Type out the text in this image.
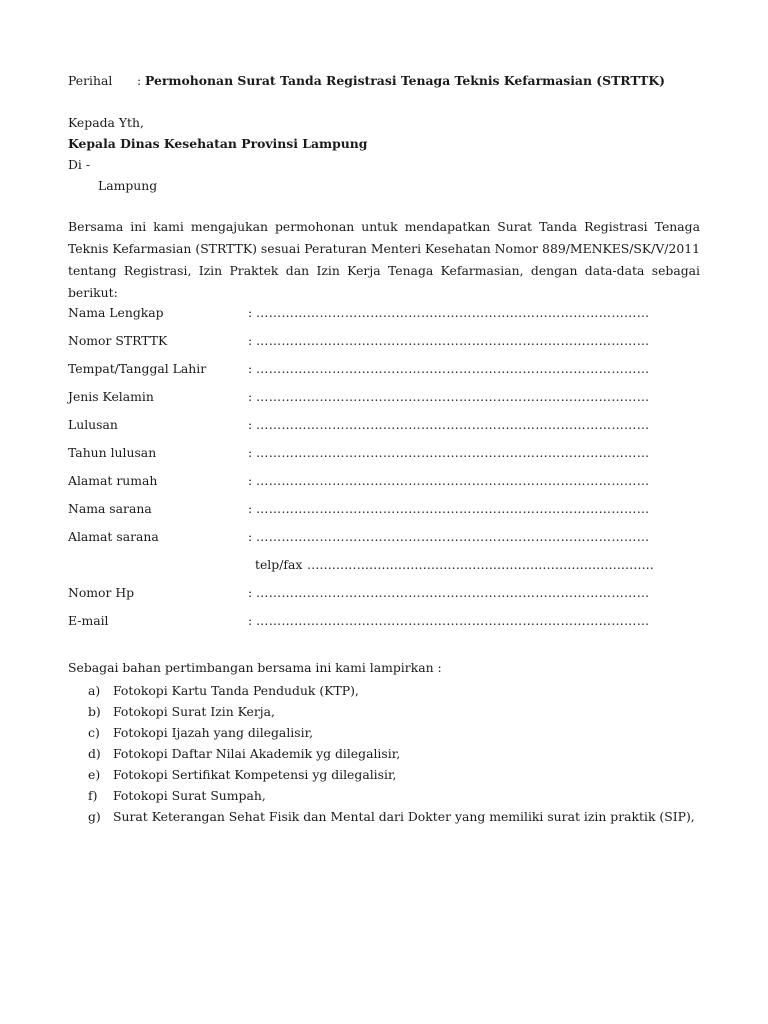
Perihal : Permohonan Surat Tanda Registrasi Tenaga Teknis Kefarmasian (STRTTK)
Kepada Yth,
Kepala Dinas Kesehatan Provinsi Lampung
Di -
Lampung
Bersama ini kami mengajukan permohonan untuk mendapatkan Surat Tanda Registrasi Tenaga Teknis Kefarmasian (STRTTK) sesuai Peraturan Menteri Kesehatan Nomor 889/MENKES/SK/V/2011 tentang Registrasi, Izin Praktek dan Izin Kerja Tenaga Kefarmasian, dengan data-data sebagai berikut:
Nama Lengkap	: …………………………………………………………………………………
Nomor STRTTK	: …………………………………………………………………………………
Tempat/Tanggal Lahir	: …………………………………………………………………………………
Jenis Kelamin	: …………………………………………………………………………………
Lulusan	: …………………………………………………………………………………
Tahun lulusan	: …………………………………………………………………………………
Alamat rumah	: …………………………………………………………………………………
Nama sarana	: …………………………………………………………………………………
Alamat sarana	: …………………………………………………………………………………
telp/fax …………………………………………………………………………
Nomor Hp	: …………………………………………………………………………………
E-mail	: …………………………………………………………………………………
Sebagai bahan pertimbangan bersama ini kami lampirkan :
a) Fotokopi Kartu Tanda Penduduk (KTP),
b) Fotokopi Surat Izin Kerja,
c) Fotokopi Ijazah yang dilegalisir,
d) Fotokopi Daftar Nilai Akademik yg dilegalisir,
e) Fotokopi Sertifikat Kompetensi yg dilegalisir,
f) Fotokopi Surat Sumpah,
g) Surat Keterangan Sehat Fisik dan Mental dari Dokter yang memiliki surat izin praktik (SIP),
